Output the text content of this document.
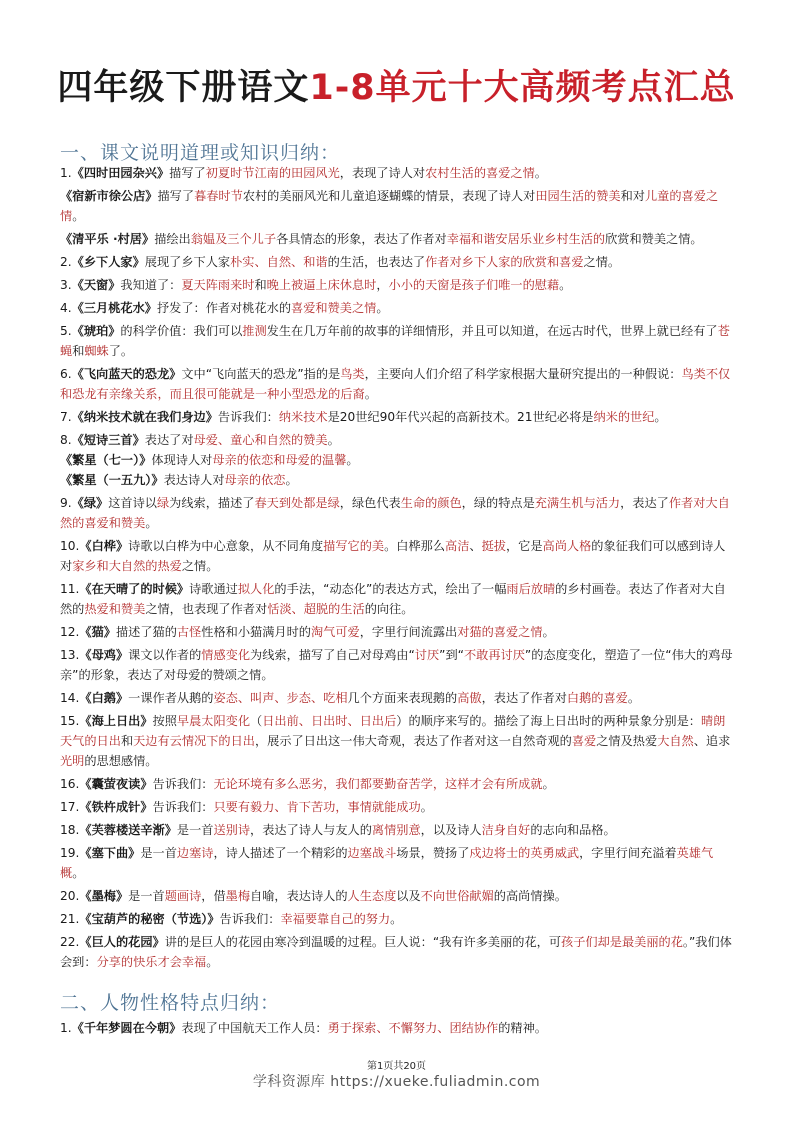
四年级下册语文1-8单元十大高频考点汇总
一、课文说明道理或知识归纳：
1.《四时田园杂兴》描写了初夏时节江南的田园风光，表现了诗人对农村生活的喜爱之情。
《宿新市徐公店》描写了暮春时节农村的美丽风光和儿童追逐蝴蝶的情景，表现了诗人对田园生活的赞美和对儿童的喜爱之情。
《清平乐 ·村居》描绘出翁媪及三个儿子各具情态的形象，表达了作者对幸福和谐安居乐业乡村生活的欣赏和赞美之情。
2.《乡下人家》展现了乡下人家朴实、自然、和谐的生活，也表达了作者对乡下人家的欣赏和喜爱之情。
3.《天窗》我知道了：夏天阵雨来时和晚上被逼上床休息时，小小的天窗是孩子们唯一的慰藉。
4.《三月桃花水》抒发了：作者对桃花水的喜爱和赞美之情。
5.《琥珀》的科学价值：我们可以推测发生在几万年前的故事的详细情形，并且可以知道，在远古时代，世界上就已经有了苍蝇和蜘蛛了。
6.《飞向蓝天的恐龙》文中“飞向蓝天的恐龙”指的是鸟类，主要向人们介绍了科学家根据大量研究提出的一种假说：鸟类不仅和恐龙有亲缘关系，而且很可能就是一种小型恐龙的后裔。
7.《纳米技术就在我们身边》告诉我们：纳米技术是20世纪90年代兴起的高新技术。21世纪必将是纳米的世纪。
8.《短诗三首》表达了对母爱、童心和自然的赞美。
《繁星（七一）》体现诗人对母亲的依恋和母爱的温馨。
《繁星（一五九）》表达诗人对母亲的依恋。
9.《绿》这首诗以绿为线索，描述了春天到处都是绿，绿色代表生命的颜色，绿的特点是充满生机与活力，表达了作者对大自然的喜爱和赞美。
10.《白桦》诗歌以白桦为中心意象，从不同角度描写它的美。白桦那么高洁、挺拔，它是高尚人格的象征我们可以感到诗人对家乡和大自然的热爱之情。
11.《在天晴了的时候》诗歌通过拟人化的手法，“动态化”的表达方式，绘出了一幅雨后放晴的乡村画卷。表达了作者对大自然的热爱和赞美之情，也表现了作者对恬淡、超脱的生活的向往。
12.《猫》描述了猫的古怪性格和小猫满月时的淘气可爱，字里行间流露出对猫的喜爱之情。
13.《母鸡》课文以作者的情感变化为线索，描写了自己对母鸡由“讨厌”到“不敢再讨厌”的态度变化，塑造了一位“伟大的鸡母亲”的形象，表达了对母爱的赞颂之情。
14.《白鹅》一课作者从鹅的姿态、叫声、步态、吃相几个方面来表现鹅的高傲，表达了作者对白鹅的喜爱。
15.《海上日出》按照早晨太阳变化（日出前、日出时、日出后）的顺序来写的。描绘了海上日出时的两种景象分别是：晴朗天气的日出和天边有云情况下的日出，展示了日出这一伟大奇观，表达了作者对这一自然奇观的喜爱之情及热爱大自然、追求光明的思想感情。
16.《囊萤夜读》告诉我们：无论环境有多么恶劣，我们都要勤奋苦学，这样才会有所成就。
17.《铁杵成针》告诉我们：只要有毅力、肯下苦功，事情就能成功。
18.《芙蓉楼送辛渐》是一首送别诗，表达了诗人与友人的离情别意，以及诗人洁身自好的志向和品格。
19.《塞下曲》是一首边塞诗，诗人描述了一个精彩的边塞战斗场景，赞扬了戍边将士的英勇威武，字里行间充溢着英雄气概。
20.《墨梅》是一首题画诗，借墨梅自喻，表达诗人的人生态度以及不向世俗献媚的高尚情操。
21.《宝葫芦的秘密（节选）》告诉我们：幸福要靠自己的努力。
22.《巨人的花园》讲的是巨人的花园由寒冷到温暖的过程。巨人说：“我有许多美丽的花，可孩子们却是最美丽的花。”我们体会到：分享的快乐才会幸福。
二、人物性格特点归纳：
1.《千年梦圆在今朝》表现了中国航天工作人员：勇于探索、不懈努力、团结协作的精神。
第1页共20页
学科资源库 https://xueke.fuliadmin.com
